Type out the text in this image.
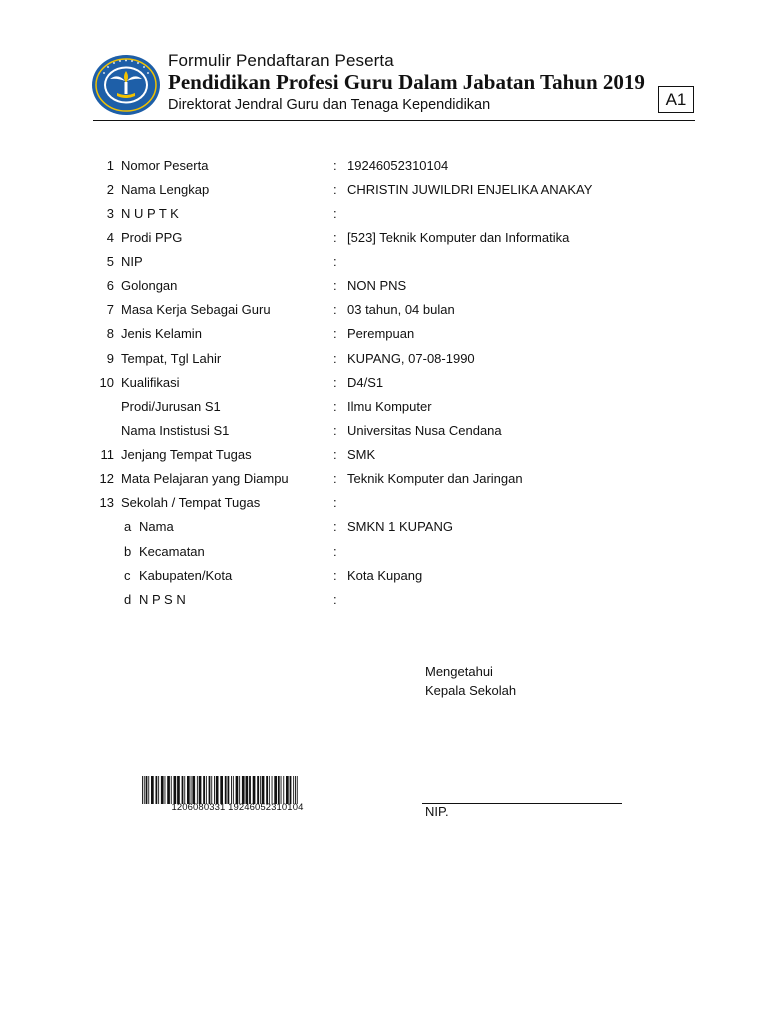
Formulir Pendaftaran Peserta
Pendidikan Profesi Guru Dalam Jabatan Tahun 2019
Direktorat Jendral Guru dan Tenaga Kependidikan	A1
1 Nomor Peserta	: 19246052310104
2 Nama Lengkap	: CHRISTIN JUWILDRI ENJELIKA ANAKAY
3 N U P T K	:
4 Prodi PPG	: [523] Teknik Komputer dan Informatika
5 NIP	:
6 Golongan	: NON PNS
7 Masa Kerja Sebagai Guru	: 03 tahun, 04 bulan
8 Jenis Kelamin	: Perempuan
9 Tempat, Tgl Lahir	: KUPANG, 07-08-1990
10 Kualifikasi	: D4/S1
Prodi/Jurusan S1	: Ilmu Komputer
Nama Instistusi S1	: Universitas Nusa Cendana
11 Jenjang Tempat Tugas	: SMK
12 Mata Pelajaran yang Diampu	: Teknik Komputer dan Jaringan
13 Sekolah / Tempat Tugas	:
a Nama	: SMKN 1 KUPANG
b Kecamatan	:
c Kabupaten/Kota	: Kota Kupang
d N P S N	:
Mengetahui
Kepala Sekolah
NIP.
1206080331 19246052310104
